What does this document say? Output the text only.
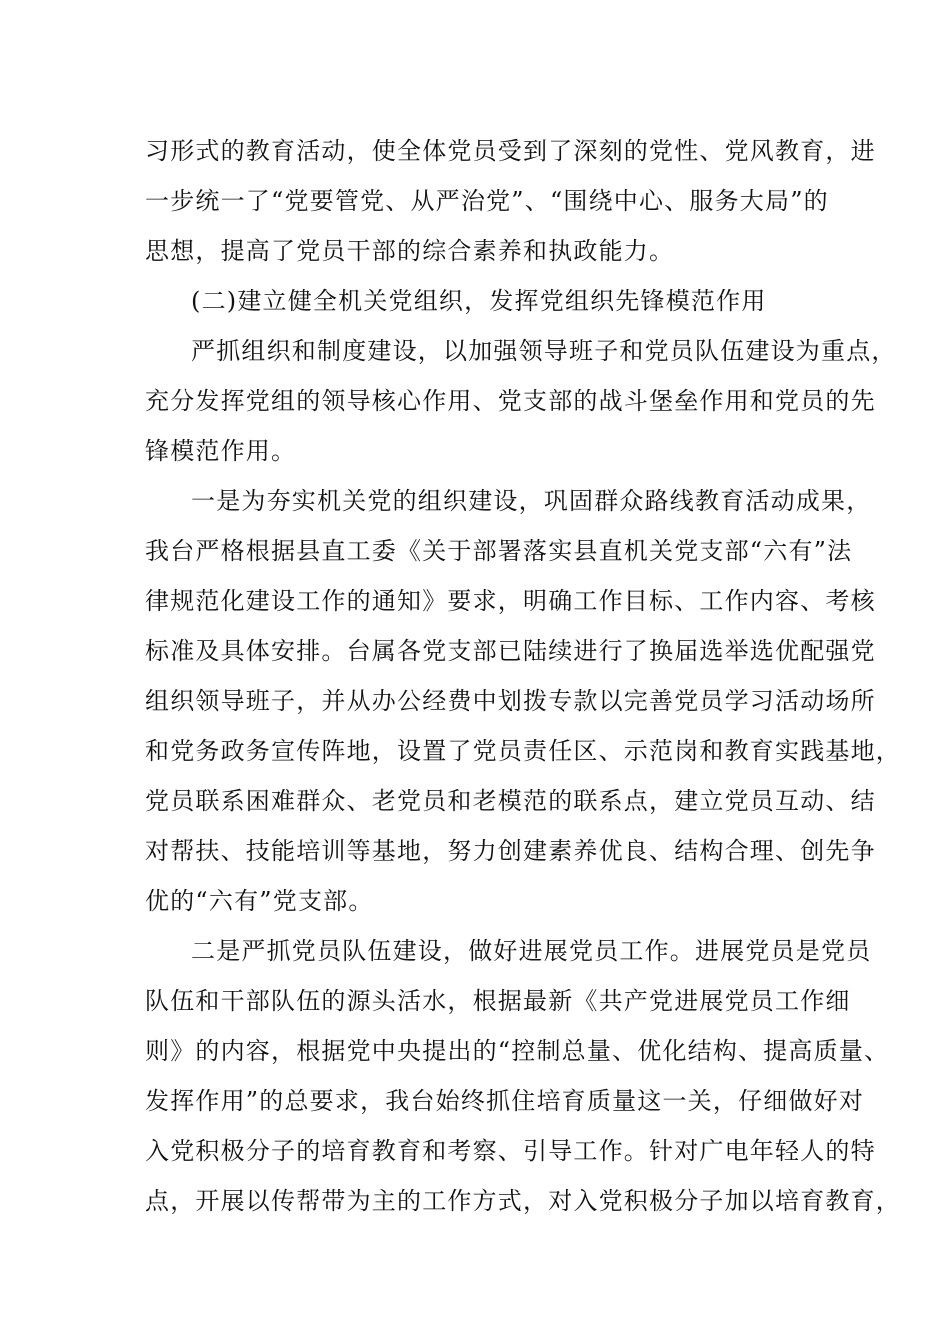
习形式的教育活动，使全体党员受到了深刻的党性、党风教育，进
一步统一了“党要管党、从严治党”、“围绕中心、服务大局”的
思想，提高了党员干部的综合素养和执政能力。
(二)建立健全机关党组织，发挥党组织先锋模范作用
严抓组织和制度建设，以加强领导班子和党员队伍建设为重点，
充分发挥党组的领导核心作用、党支部的战斗堡垒作用和党员的先
锋模范作用。
一是为夯实机关党的组织建设，巩固群众路线教育活动成果，
我台严格根据县直工委《关于部署落实县直机关党支部“六有”法
律规范化建设工作的通知》要求，明确工作目标、工作内容、考核
标准及具体安排。台属各党支部已陆续进行了换届选举选优配强党
组织领导班子，并从办公经费中划拨专款以完善党员学习活动场所
和党务政务宣传阵地，设置了党员责任区、示范岗和教育实践基地，
党员联系困难群众、老党员和老模范的联系点，建立党员互动、结
对帮扶、技能培训等基地，努力创建素养优良、结构合理、创先争
优的“六有”党支部。
二是严抓党员队伍建设，做好进展党员工作。进展党员是党员
队伍和干部队伍的源头活水，根据最新《共产党进展党员工作细
则》的内容，根据党中央提出的“控制总量、优化结构、提高质量、
发挥作用”的总要求，我台始终抓住培育质量这一关，仔细做好对
入党积极分子的培育教育和考察、引导工作。针对广电年轻人的特
点，开展以传帮带为主的工作方式，对入党积极分子加以培育教育，
